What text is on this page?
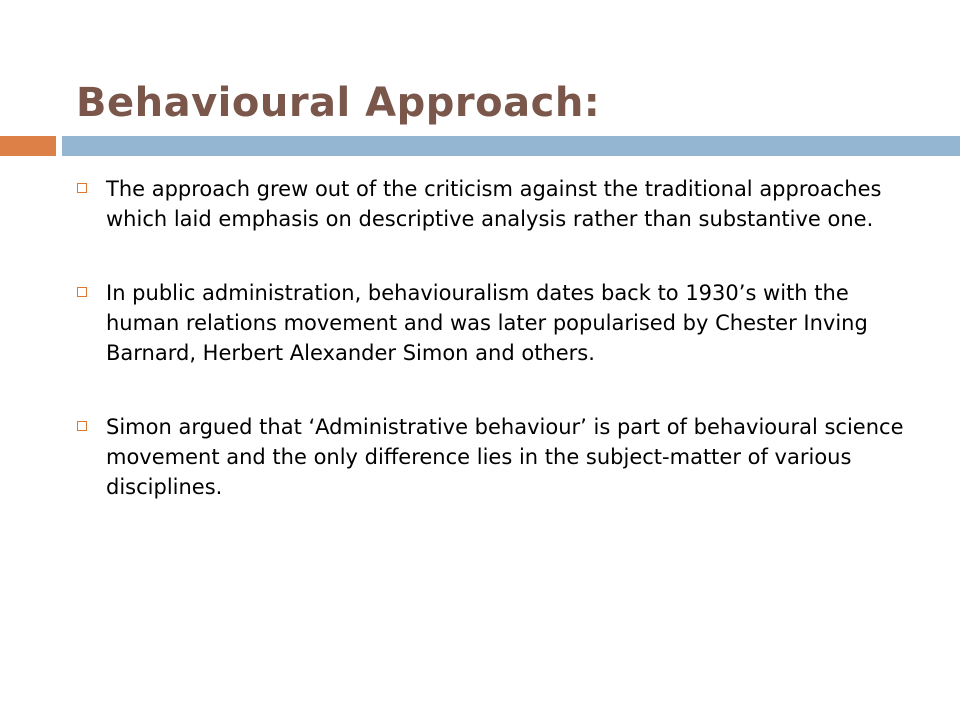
Behavioural Approach:
The approach grew out of the criticism against the traditional approaches which laid emphasis on descriptive analysis rather than substantive one.
In public administration, behaviouralism dates back to 1930’s with the human relations movement and was later popularised by Chester Inving Barnard, Herbert Alexander Simon and others.
Simon argued that ‘Administrative behaviour’ is part of behavioural science movement and the only difference lies in the subject-matter of various disciplines.
